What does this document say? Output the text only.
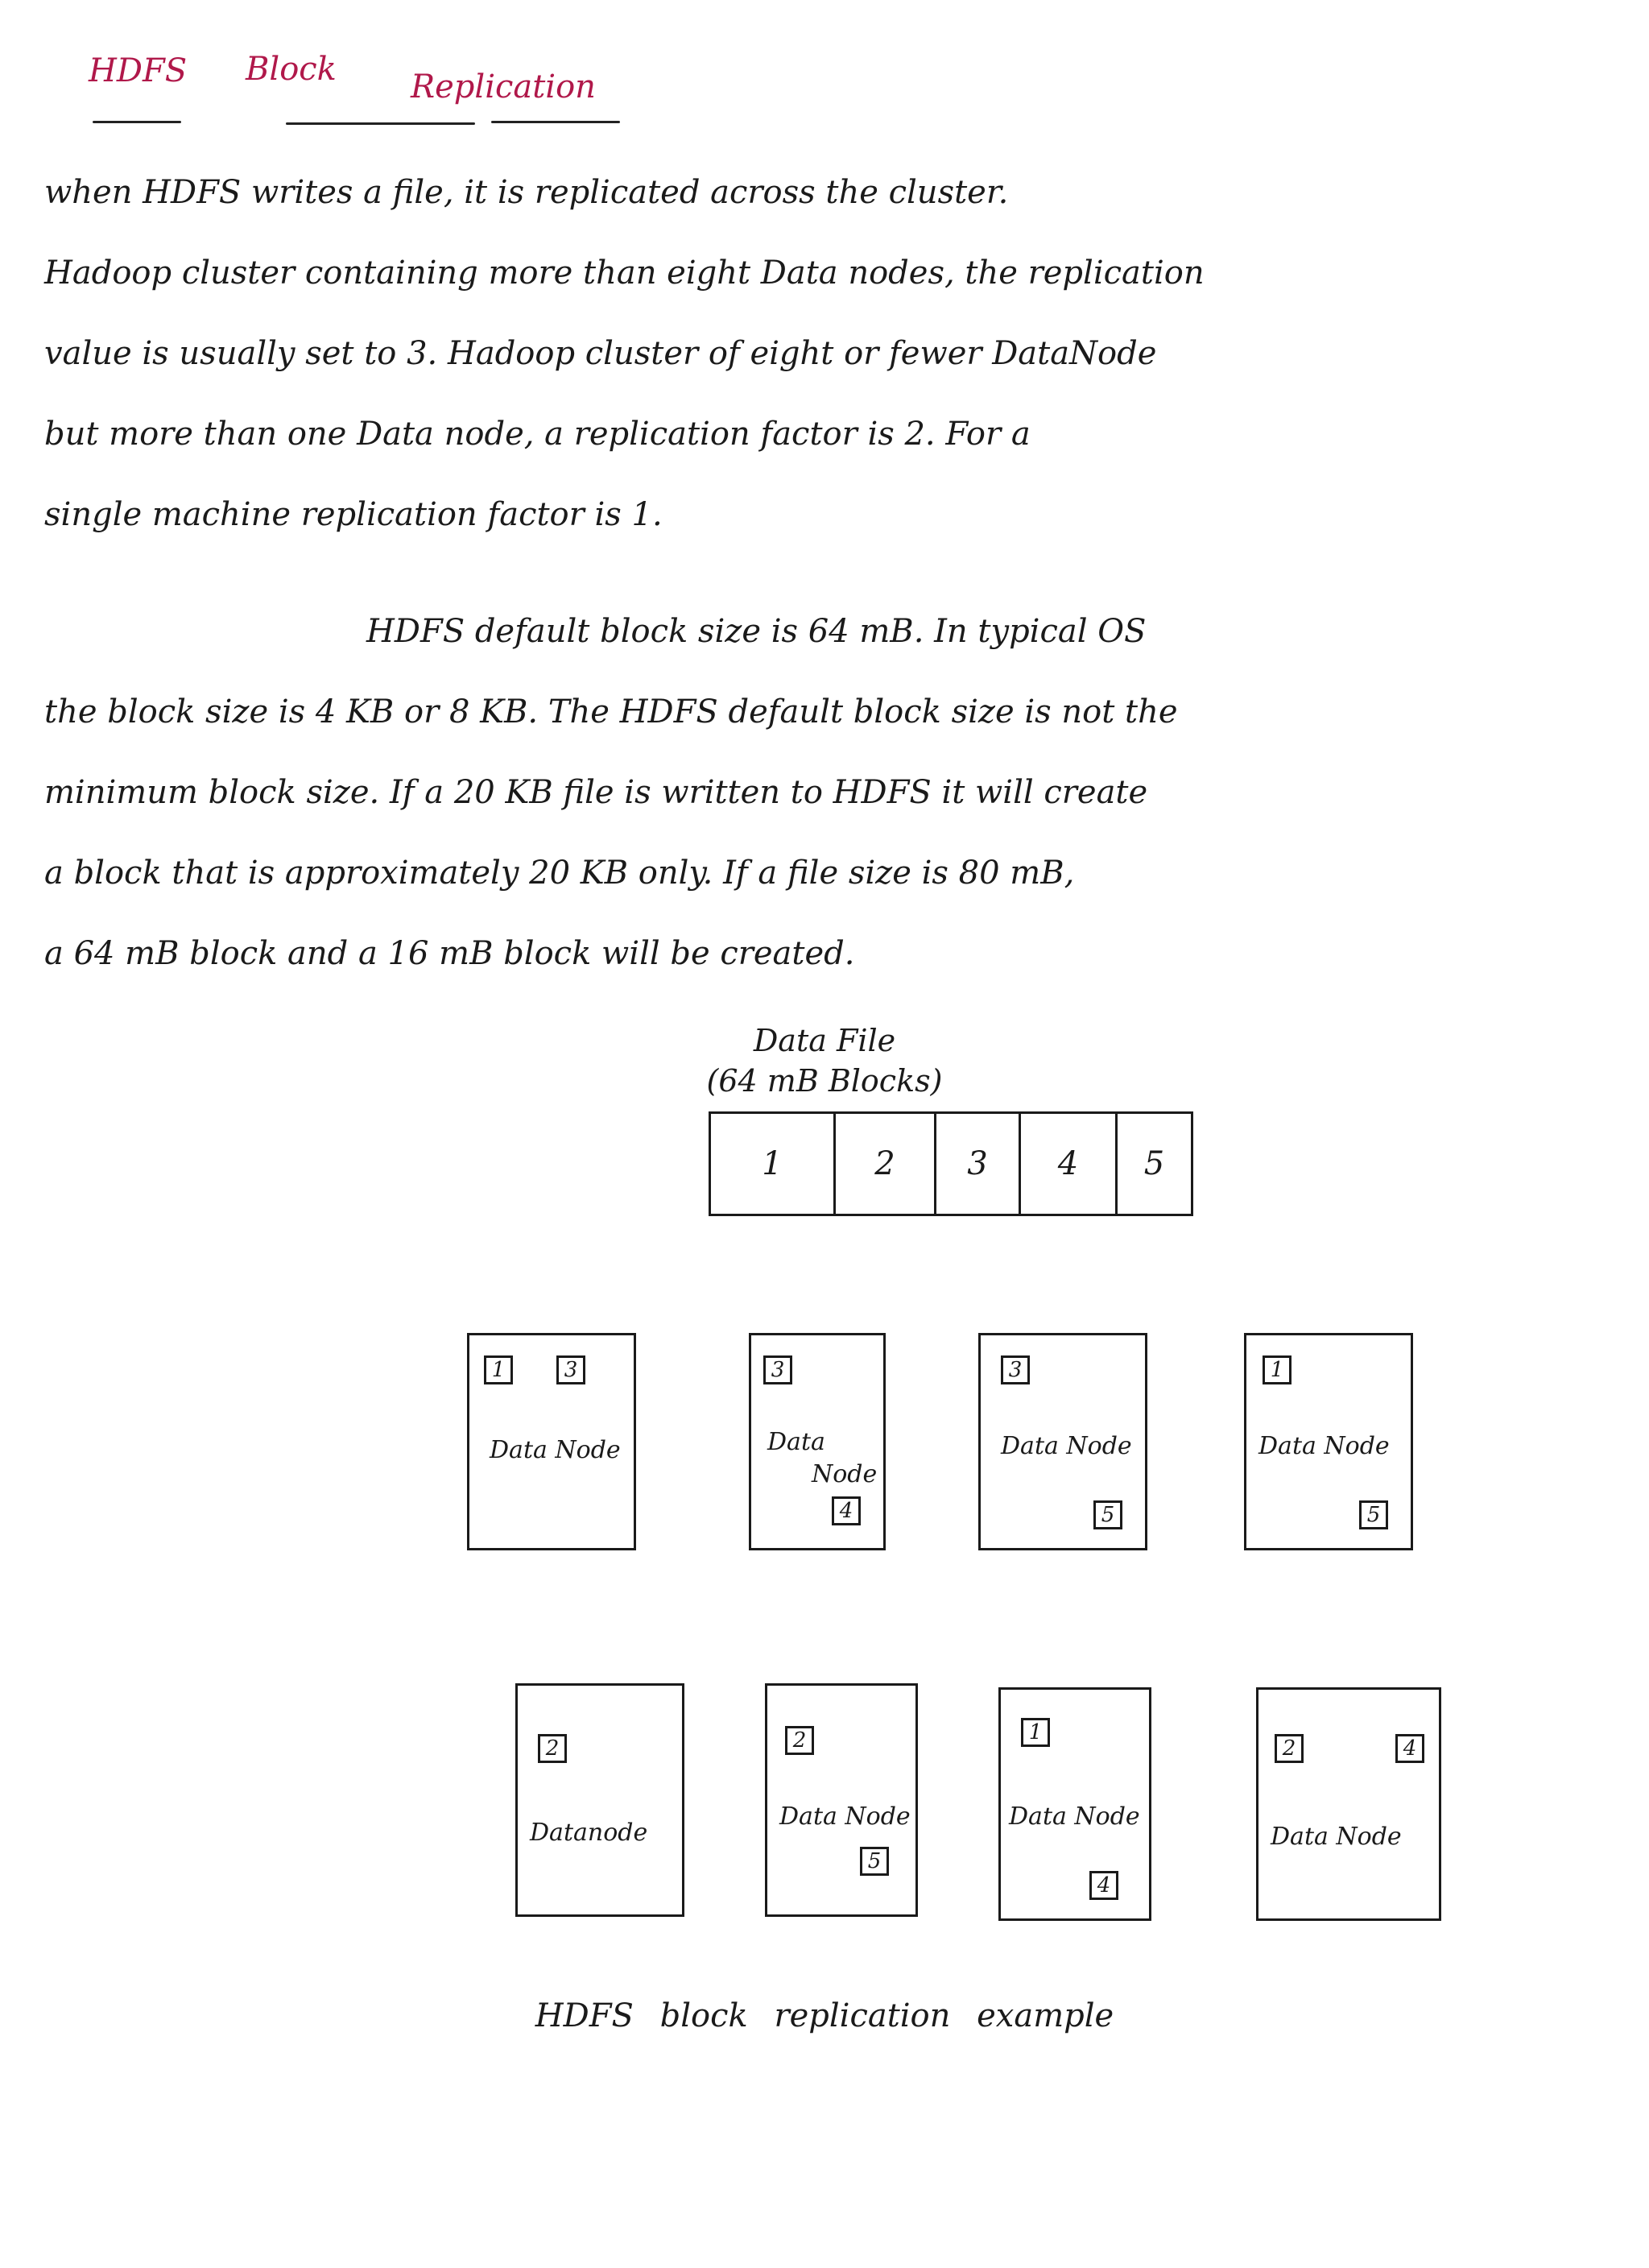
HDFS Block Replication
when HDFS writes a file, it is replicated across the cluster.
Hadoop cluster containing more than eight Data nodes, the replication
value is usually set to 3. Hadoop cluster of eight or fewer DataNode
but more than one Data node, a replication factor is 2. For a
single machine replication factor is 1.
HDFS default block size is 64 mB. In typical OS
the block size is 4 KB or 8 KB. The HDFS default block size is not the
minimum block size. If a 20 KB file is written to HDFS it will create
a block that is approximately 20 KB only. If a file size is 80 mB,
a 64 mB block and a 16 mB block will be created.
Data File
(64 mB Blocks)
1	2	3	4	5
1	3
Data Node
3
Data
Node
4
3
Data Node
5
1
Data Node
5
2
Datanode
2
Data Node
5
1
Data Node
4
2	4
Data Node
HDFS block replication example
